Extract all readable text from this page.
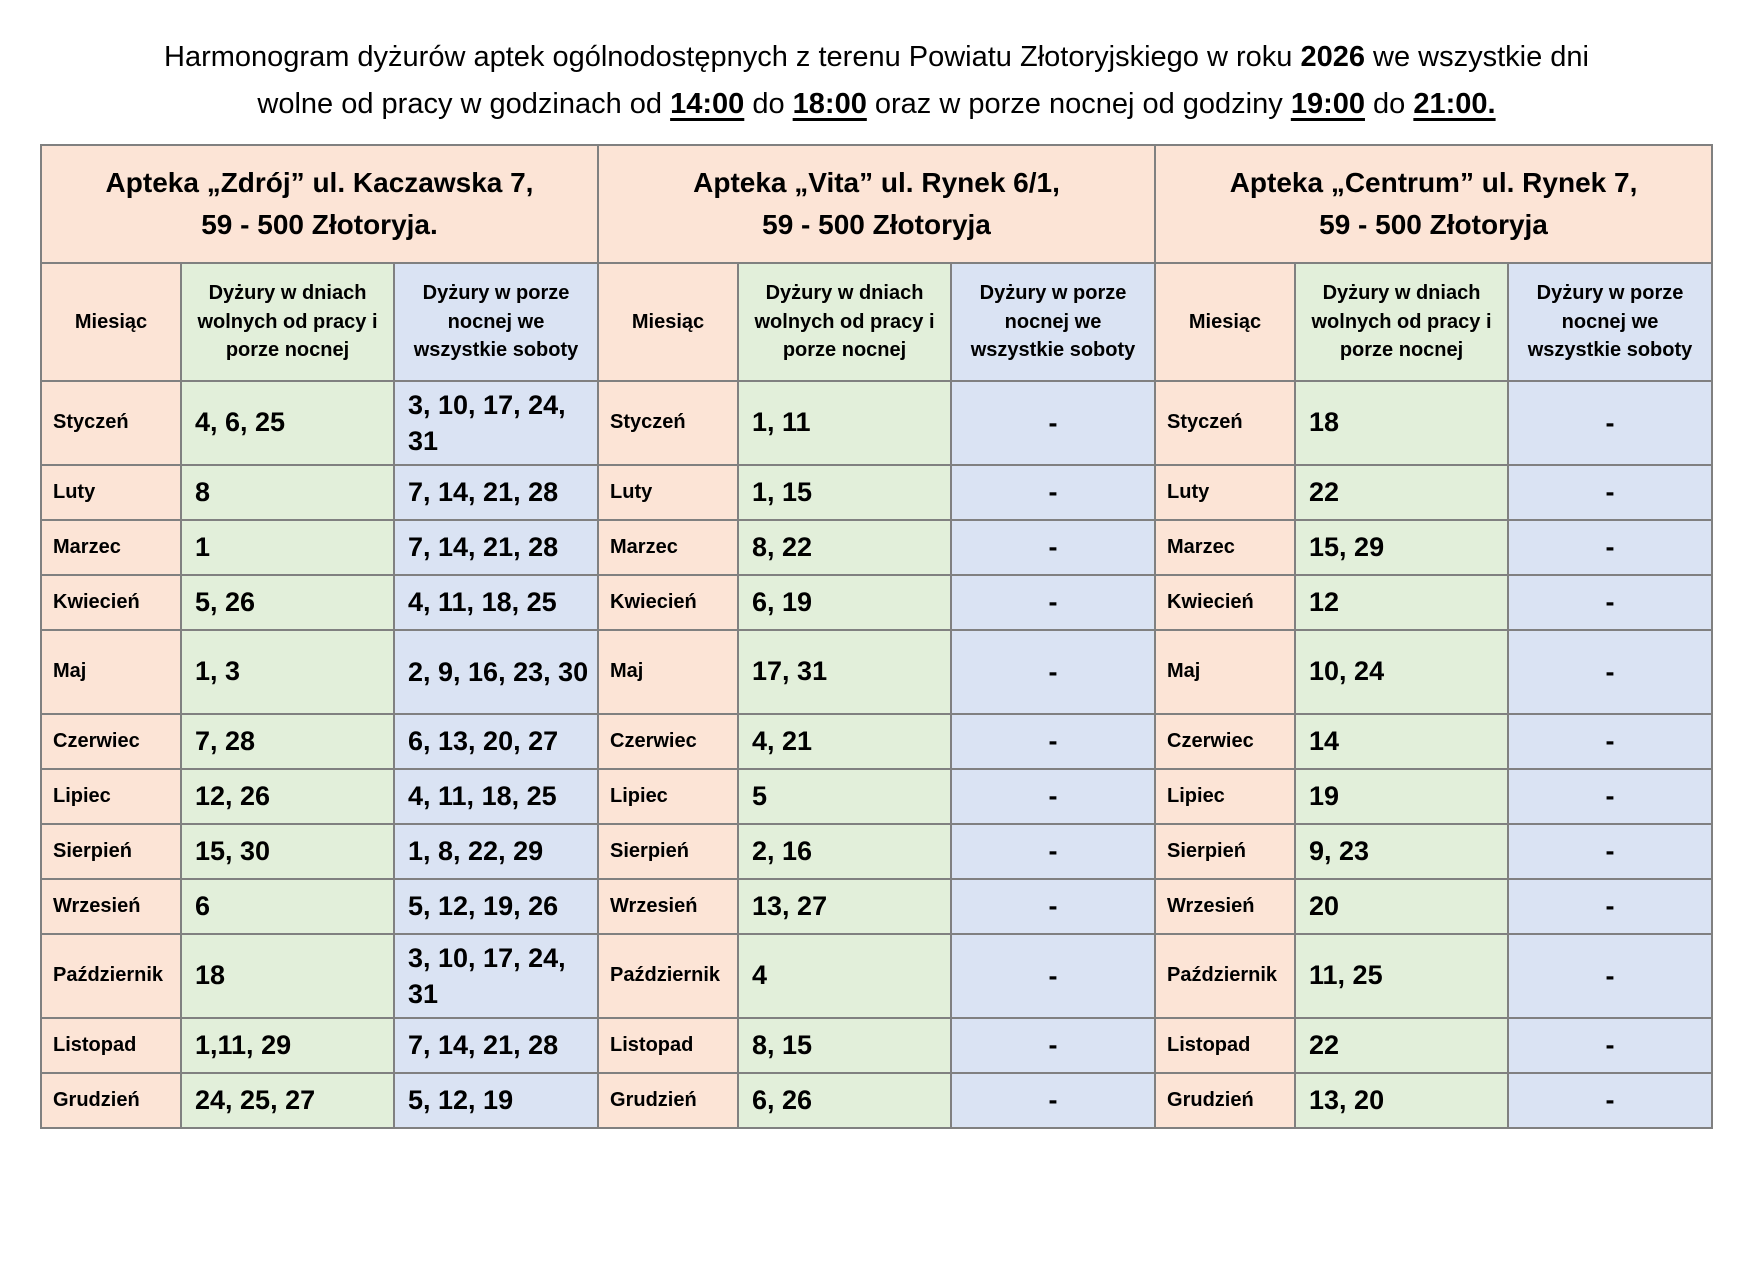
Harmonogram dyżurów aptek ogólnodostępnych z terenu Powiatu Złotoryjskiego w roku 2026 we wszystkie dni
wolne od pracy w godzinach od 14:00 do 18:00 oraz w porze nocnej od godziny 19:00 do 21:00.

Apteka „Zdrój” ul. Kaczawska 7,
59 - 500 Złotoryja.

Apteka „Vita” ul. Rynek 6/1,
59 - 500 Złotoryja

Apteka „Centrum” ul. Rynek 7,
59 - 500 Złotoryja

Miesiąc	Dyżury w dniach wolnych od pracy i porze nocnej	Dyżury w porze nocnej we wszystkie soboty	Miesiąc	Dyżury w dniach wolnych od pracy i porze nocnej	Dyżury w porze nocnej we wszystkie soboty	Miesiąc	Dyżury w dniach wolnych od pracy i porze nocnej	Dyżury w porze nocnej we wszystkie soboty
Styczeń	4, 6, 25	3, 10, 17, 24, 31	Styczeń	1, 11	-	Styczeń	18	-
Luty	8	7, 14, 21, 28	Luty	1, 15	-	Luty	22	-
Marzec	1	7, 14, 21, 28	Marzec	8, 22	-	Marzec	15, 29	-
Kwiecień	5, 26	4, 11, 18, 25	Kwiecień	6, 19	-	Kwiecień	12	-
Maj	1, 3	2, 9, 16, 23, 30	Maj	17, 31	-	Maj	10, 24	-
Czerwiec	7, 28	6, 13, 20, 27	Czerwiec	4, 21	-	Czerwiec	14	-
Lipiec	12, 26	4, 11, 18, 25	Lipiec	5	-	Lipiec	19	-
Sierpień	15, 30	1, 8, 22, 29	Sierpień	2, 16	-	Sierpień	9, 23	-
Wrzesień	6	5, 12, 19, 26	Wrzesień	13, 27	-	Wrzesień	20	-
Październik	18	3, 10, 17, 24, 31	Październik	4	-	Październik	11, 25	-
Listopad	1,11, 29	7, 14, 21, 28	Listopad	8, 15	-	Listopad	22	-
Grudzień	24, 25, 27	5, 12, 19	Grudzień	6, 26	-	Grudzień	13, 20	-
